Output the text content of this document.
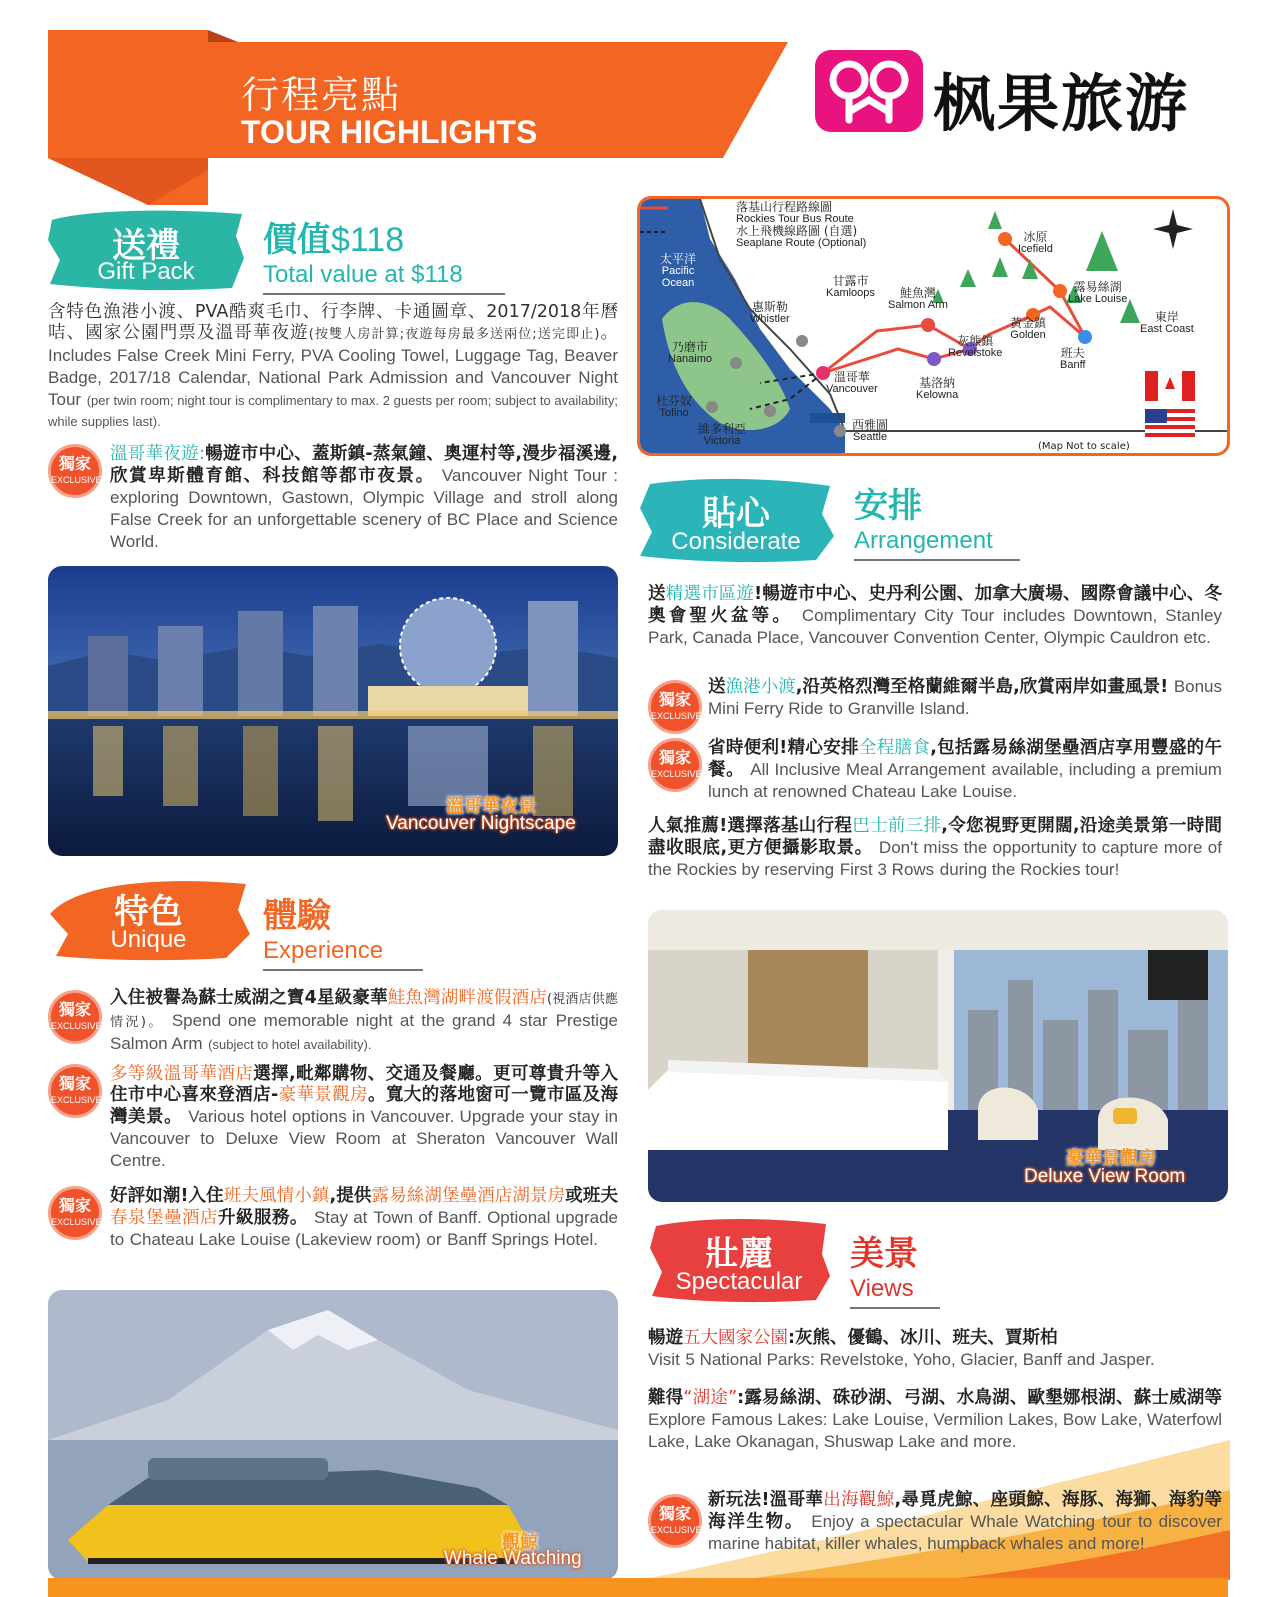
行程亮點
TOUR HIGHLIGHTS	枫果旅游
送禮
Gift Pack
價值$118
Total value at $118
含特色漁港小渡、PVA酷爽毛巾、行李牌、卡通圖章、2017/2018年曆咭、國家公園門票及溫哥華夜遊(按雙人房計算;夜遊每房最多送兩位;送完即止)。 Includes False Creek Mini Ferry, PVA Cooling Towel, Luggage Tag, Beaver Badge, 2017/18 Calendar, National Park Admission and Vancouver Night Tour (per twin room; night tour is complimentary to max. 2 guests per room; subject to availability; while supplies last).
獨家
EXCLUSIVE
溫哥華夜遊:暢遊市中心、蓋斯鎮-蒸氣鐘、奧運村等,漫步福溪邊,欣賞卑斯體育館、科技館等都市夜景。 Vancouver Night Tour : exploring Downtown, Gastown, Olympic Village and stroll along False Creek for an unforgettable scenery of BC Place and Science World.
溫哥華夜景
Vancouver Nightscape
特色
Unique
體驗
Experience
獨家
EXCLUSIVE
入住被譽為蘇士威湖之寶4星級豪華鮭魚灣湖畔渡假酒店(視酒店供應情況)。 Spend one memorable night at the grand 4 star Prestige Salmon Arm (subject to hotel availability).
獨家
EXCLUSIVE
多等級溫哥華酒店選擇,毗鄰購物、交通及餐廳。更可尊貴升等入住市中心喜來登酒店-豪華景觀房。寬大的落地窗可一覽市區及海灣美景。 Various hotel options in Vancouver. Upgrade your stay in Vancouver to Deluxe View Room at Sheraton Vancouver Wall Centre.
獨家
EXCLUSIVE
好評如潮!入住班夫風情小鎮,提供露易絲湖堡壘酒店湖景房或班夫春泉堡壘酒店升級服務。 Stay at Town of Banff. Optional upgrade to Chateau Lake Louise (Lakeview room) or Banff Springs Hotel.
觀鯨
Whale Watching
落基山行程路線圖
Rockies Tour Bus Route
水上飛機線路圖 (自選)
Seaplane Route (Optional)
太平洋
Pacific Ocean
惠斯勒
Whistler
甘露市
Kamloops	鮭魚灣
Salmon Arm
冰原
Icefield
露易絲湖
Lake Louise
東岸
East Coast
乃磨市
Nanaimo
灰熊鎮
Revelstoke
黃金鎮
Golden
班夫
Banff
溫哥華
Vancouver	基洛納
Kelowna
杜芬奴
Tofino
維多利亞
Victoria
西雅圖
Seattle
(Map Not to scale)
貼心
Considerate
安排
Arrangement
送精選市區遊!暢遊市中心、史丹利公園、加拿大廣場、國際會議中心、冬奧會聖火盆等。 Complimentary City Tour includes Downtown, Stanley Park, Canada Place, Vancouver Convention Center, Olympic Cauldron etc.
獨家
EXCLUSIVE
送漁港小渡,沿英格烈灣至格蘭維爾半島,欣賞兩岸如畫風景! Bonus Mini Ferry Ride to Granville Island.
獨家
EXCLUSIVE
省時便利!精心安排全程膳食,包括露易絲湖堡壘酒店享用豐盛的午餐。 All Inclusive Meal Arrangement available, including a premium lunch at renowned Chateau Lake Louise.
人氣推薦!選擇落基山行程巴士前三排,令您視野更開闊,沿途美景第一時間盡收眼底,更方便攝影取景。 Don't miss the opportunity to capture more of the Rockies by reserving First 3 Rows during the Rockies tour!
豪華景觀房
Deluxe View Room
壯麗
Spectacular
美景
Views
暢遊五大國家公園:灰熊、優鶴、冰川、班夫、賈斯柏
Visit 5 National Parks: Revelstoke, Yoho, Glacier, Banff and Jasper.
難得“湖途”:露易絲湖、硃砂湖、弓湖、水鳥湖、歐墾娜根湖、蘇士威湖等 Explore Famous Lakes: Lake Louise, Vermilion Lakes, Bow Lake, Waterfowl Lake, Lake Okanagan, Shuswap Lake and more.
獨家
EXCLUSIVE
新玩法!溫哥華出海觀鯨,尋覓虎鯨、座頭鯨、海豚、海獅、海豹等海洋生物。 Enjoy a spectacular Whale Watching tour to discover marine habitat, killer whales, humpback whales and more!
